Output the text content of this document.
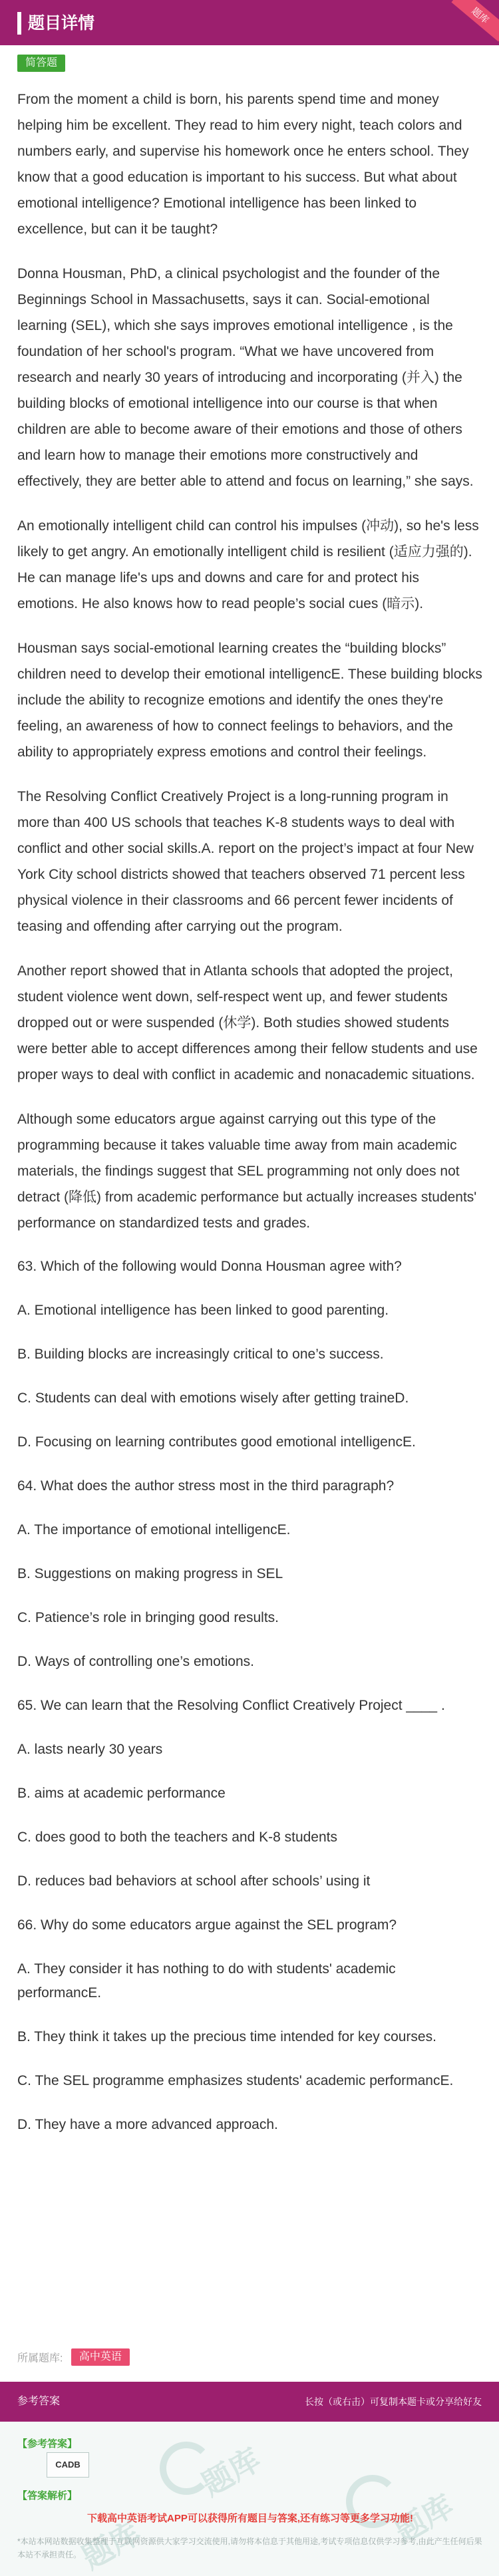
题目详情	题库
简答题

From the moment a child is born, his parents spend time and money helping him be excellent. They read to him every night, teach colors and numbers early, and supervise his homework once he enters school. They know that a good education is important to his success. But what about emotional intelligence? Emotional intelligence has been linked to excellence, but can it be taught?

Donna Housman, PhD, a clinical psychologist and the founder of the Beginnings School in Massachusetts, says it can. Social-emotional learning (SEL), which she says improves emotional intelligence , is the foundation of her school's program. “What we have uncovered from research and nearly 30 years of introducing and incorporating (并入) the building blocks of emotional intelligence into our course is that when children are able to become aware of their emotions and those of others and learn how to manage their emotions more constructively and effectively, they are better able to attend and focus on learning,” she says.

An emotionally intelligent child can control his impulses (冲动), so he's less likely to get angry. An emotionally intelligent child is resilient (适应力强的). He can manage life's ups and downs and care for and protect his emotions. He also knows how to read people’s social cues (暗示).

Housman says social-emotional learning creates the “building blocks” children need to develop their emotional intelligencE. These building blocks include the ability to recognize emotions and identify the ones they're feeling, an awareness of how to connect feelings to behaviors, and the ability to appropriately express emotions and control their feelings.

The Resolving Conflict Creatively Project is a long-running program in more than 400 US schools that teaches K-8 students ways to deal with conflict and other social skills.A. report on the project’s impact at four New York City school districts showed that teachers observed 71 percent less physical violence in their classrooms and 66 percent fewer incidents of teasing and offending after carrying out the program.

Another report showed that in Atlanta schools that adopted the project, student violence went down, self-respect went up, and fewer students dropped out or were suspended (休学). Both studies showed students were better able to accept differences among their fellow students and use proper ways to deal with conflict in academic and nonacademic situations.

Although some educators argue against carrying out this type of the programming because it takes valuable time away from main academic materials, the findings suggest that SEL programming not only does not detract (降低) from academic performance but actually increases students' performance on standardized tests and grades.

63. Which of the following would Donna Housman agree with?

A. Emotional intelligence has been linked to good parenting.

B. Building blocks are increasingly critical to one’s success.

C. Students can deal with emotions wisely after getting traineD.

D. Focusing on learning contributes good emotional intelligencE.

64. What does the author stress most in the third paragraph?

A. The importance of emotional intelligencE.

B. Suggestions on making progress in SEL

C. Patience’s role in bringing good results.

D. Ways of controlling one’s emotions.

65. We can learn that the Resolving Conflict Creatively Project ____ .

A. lasts nearly 30 years

B. aims at academic performance

C. does good to both the teachers and K-8 students

D. reduces bad behaviors at school after schools’ using it

66. Why do some educators argue against the SEL program?

A. They consider it has nothing to do with students' academic performancE.

B. They think it takes up the precious time intended for key courses.

C. The SEL programme emphasizes students' academic performancE.

D. They have a more advanced approach.

所属题库: 高中英语
参考答案	长按（或右击）可复制本题卡或分享给好友
题库
题库
题库
【参考答案】
CADB
【答案解析】
下载高中英语考试APP可以获得所有题目与答案,还有练习等更多学习功能!
*本站本网站数据收集整理于互联网资源供大家学习交流使用,请勿将本信息于其他用途,考试专项信息仅供学习参考,由此产生任何后果本站不承担责任。
